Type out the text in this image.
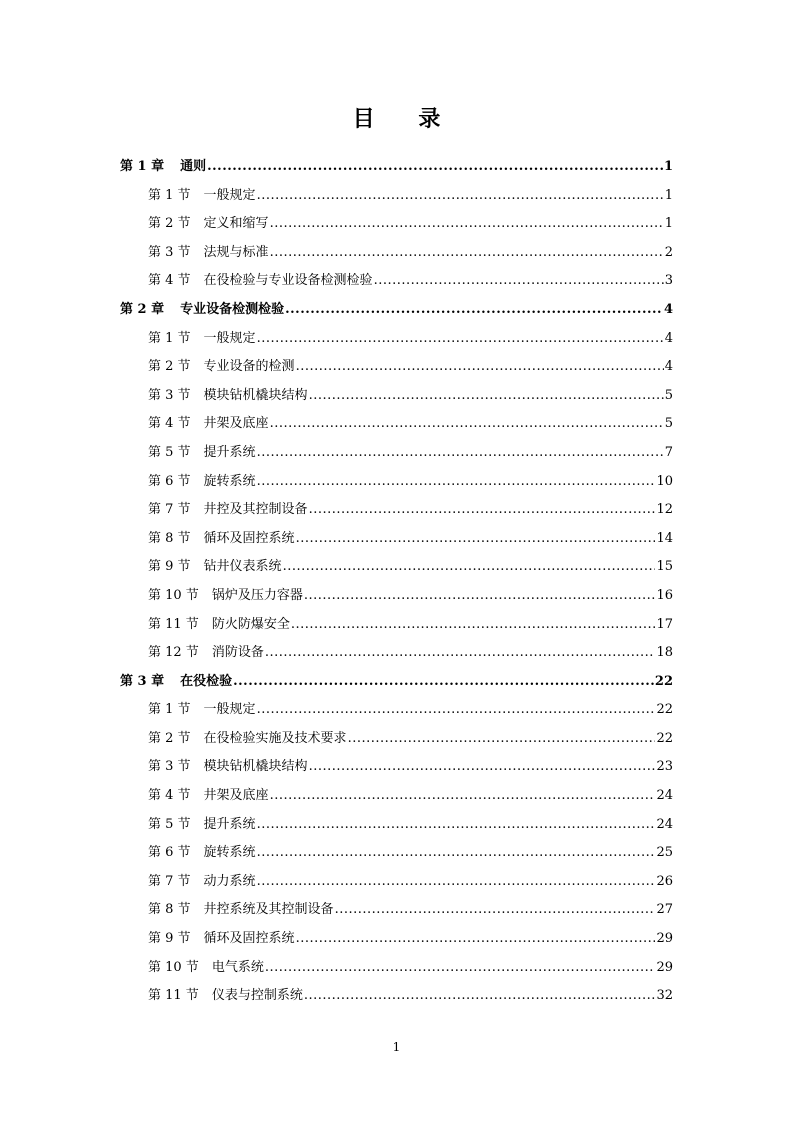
目 录
第 1 章 通则 .....	1
第 1 节 一般规定 .....	1
第 2 节 定义和缩写 .....	1
第 3 节 法规与标准 .....	2
第 4 节 在役检验与专业设备检测检验 .....	3
第 2 章 专业设备检测检验 .....	4
第 1 节 一般规定 .....	4
第 2 节 专业设备的检测 .....	4
第 3 节 模块钻机橇块结构 .....	5
第 4 节 井架及底座 .....	5
第 5 节 提升系统 .....	7
第 6 节 旋转系统 .....	10
第 7 节 井控及其控制设备 .....	12
第 8 节 循环及固控系统 .....	14
第 9 节 钻井仪表系统 .....	15
第 10 节 锅炉及压力容器 .....	16
第 11 节 防火防爆安全 .....	17
第 12 节 消防设备 .....	18
第 3 章 在役检验 .....	22
第 1 节 一般规定 .....	22
第 2 节 在役检验实施及技术要求 .....	22
第 3 节 模块钻机橇块结构 .....	23
第 4 节 井架及底座 .....	24
第 5 节 提升系统 .....	24
第 6 节 旋转系统 .....	25
第 7 节 动力系统 .....	26
第 8 节 井控系统及其控制设备 .....	27
第 9 节 循环及固控系统 .....	29
第 10 节 电气系统 .....	29
第 11 节 仪表与控制系统 .....	32
1
